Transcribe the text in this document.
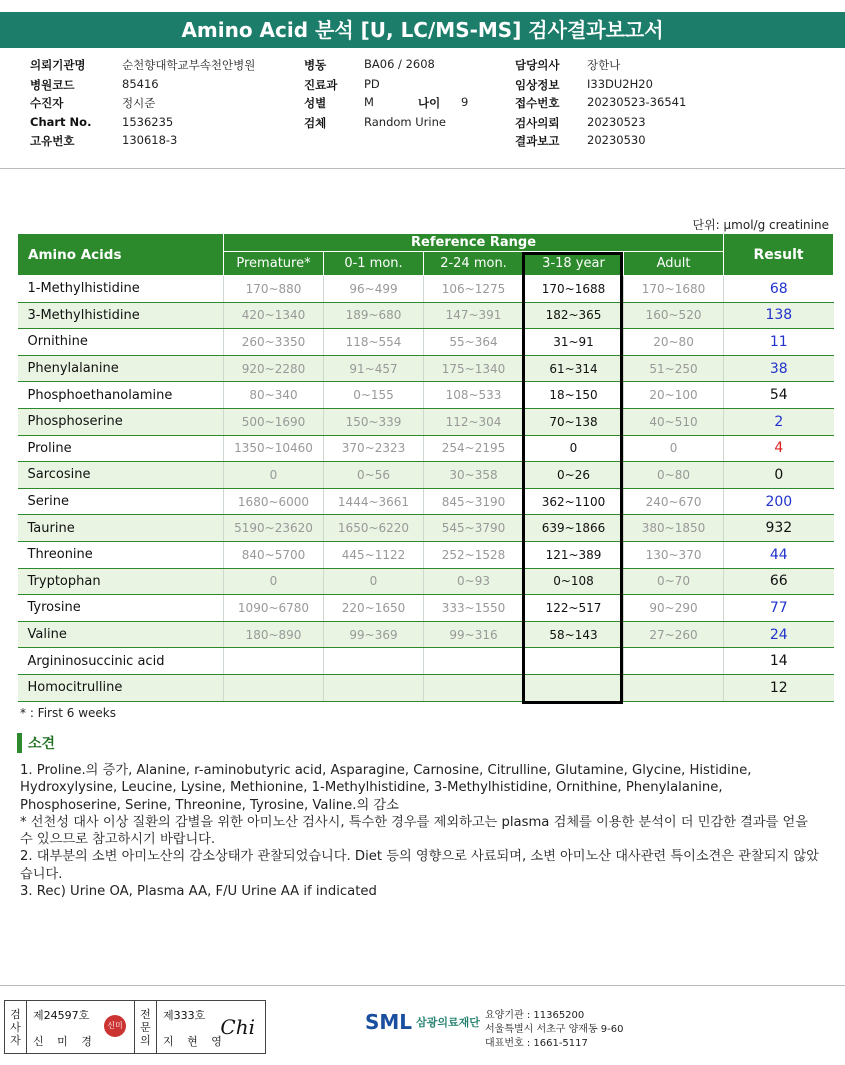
Amino Acid 분석 [U, LC/MS-MS] 검사결과보고서
의뢰기관명	순천향대학교부속천안병원
병원코드	85416
수진자	정시준
Chart No.	1536235
고유번호	130618-3
병동	BA06 / 2608
진료과 PD
성별	M
검체	Random Urine
나이 9
담당의사 장한나
임상정보 I33DU2H20
접수번호 20230523-36541
검사의뢰 20230523
결과보고 20230530
단위: μmol/g creatinine
Amino Acids	Reference Range					Result
	Premature*	0-1 mon.	2-24 mon.	3-18 year	Adult	
1-Methylhistidine	170~880	96~499	106~1275	170~1688	170~1680	68
3-Methylhistidine	420~1340	189~680	147~391	182~365	160~520	138
Ornithine	260~3350	118~554	55~364	31~91	20~80	11
Phenylalanine	920~2280	91~457	175~1340	61~314	51~250	38
Phosphoethanolamine	80~340	0~155	108~533	18~150	20~100	54
Phosphoserine	500~1690	150~339	112~304	70~138	40~510	2
Proline	1350~10460	370~2323	254~2195	0	0	4
Sarcosine	0	0~56	30~358	0~26	0~80	0
Serine	1680~6000	1444~3661	845~3190	362~1100	240~670	200
Taurine	5190~23620	1650~6220	545~3790	639~1866	380~1850	932
Threonine	840~5700	445~1122	252~1528	121~389	130~370	44
Tryptophan	0	0	0~93	0~108	0~70	66
Tyrosine	1090~6780	220~1650	333~1550	122~517	90~290	77
Valine	180~890	99~369	99~316	58~143	27~260	24
Argininosuccinic acid						14
Homocitrulline						12
* : First 6 weeks
소견
1. Proline.의 증가, Alanine, r-aminobutyric acid, Asparagine, Carnosine, Citrulline, Glutamine, Glycine, Histidine, Hydroxylysine, Leucine, Lysine, Methionine, 1-Methylhistidine, 3-Methylhistidine, Ornithine, Phenylalanine, Phosphoserine, Serine, Threonine, Tyrosine, Valine.의 감소
* 선천성 대사 이상 질환의 감별을 위한 아미노산 검사시, 특수한 경우를 제외하고는 plasma 검체를 이용한 분석이 더 민감한 결과를 얻을 수 있으므로 참고하시기 바랍니다.
2. 대부분의 소변 아미노산의 감소상태가 관찰되었습니다. Diet 등의 영향으로 사료되며, 소변 아미노산 대사관련 특이소견은 관찰되지 않았습니다.
3. Rec) Urine OA, Plasma AA, F/U Urine AA if indicated
검
사
자
제24597호
신 미 경
신미경
전
문
의
제333호
지 현 영
Chi	SML 삼광의료재단
요양기관 : 11365200
서울특별시 서초구 양재동 9-60
대표번호 : 1661-5117
